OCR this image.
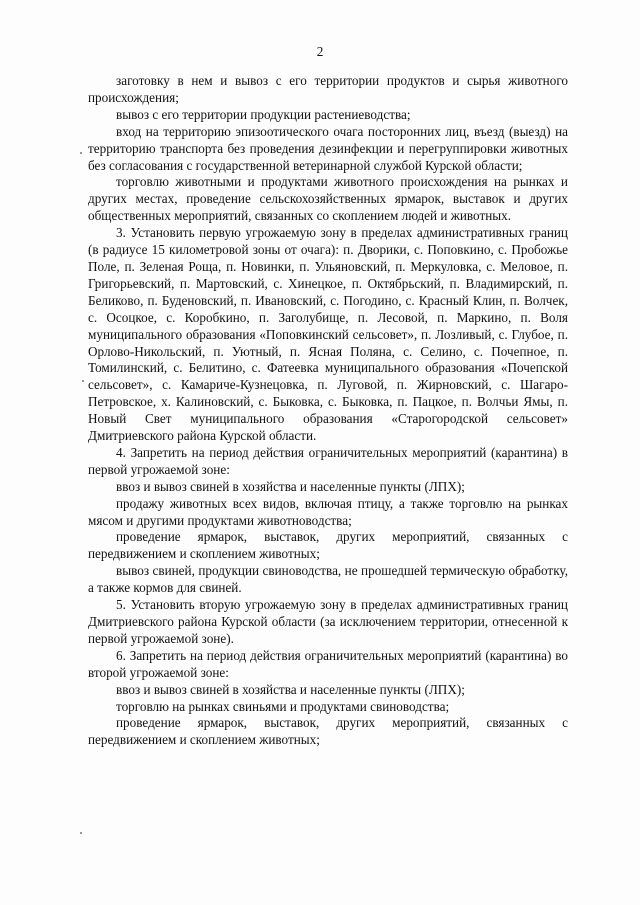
2

заготовку в нем и вывоз с его территории продуктов и сырья животного происхождения;

вывоз с его территории продукции растениеводства;

вход на территорию эпизоотического очага посторонних лиц, въезд (выезд) на территорию транспорта без проведения дезинфекции и перегруппировки животных без согласования с государственной ветеринарной службой Курской области;

торговлю животными и продуктами животного происхождения на рынках и других местах, проведение сельскохозяйственных ярмарок, выставок и других общественных мероприятий, связанных со скоплением людей и животных.

3. Установить первую угрожаемую зону в пределах административных границ (в радиусе 15 километровой зоны от очага): п. Дворики, с. Поповкино, с. Пробожье Поле, п. Зеленая Роща, п. Новинки, п. Ульяновский, п. Меркуловка, с. Меловое, п. Григорьевский, п. Мартовский, с. Хинецкое, п. Октябрьский, п. Владимирский, п. Беликово, п. Буденовский, п. Ивановский, с. Погодино, с. Красный Клин, п. Волчек, с. Осоцкое, с. Коробкино, п. Заголубище, п. Лесовой, п. Маркино, п. Воля муниципального образования «Поповкинский сельсовет», п. Лозливый, с. Глубое, п. Орлово-Никольский, п. Уютный, п. Ясная Поляна, с. Селино, с. Почепное, п. Томилинский, с. Белитино, с. Фатеевка муниципального образования «Почепской сельсовет», с. Камаричe-Кузнецовка, п. Луговой, п. Жирновский, с. Шагаро-Петровское, х. Калиновский, с. Быковка, с. Быковка, п. Пацкое, п. Волчьи Ямы, п. Новый Свет муниципального образования «Старогородской сельсовет» Дмитриевского района Курской области.

4. Запретить на период действия ограничительных мероприятий (карантина) в первой угрожаемой зоне:

ввоз и вывоз свиней в хозяйства и населенные пункты (ЛПХ);

продажу животных всех видов, включая птицу, а также торговлю на рынках мясом и другими продуктами животноводства;

проведение ярмарок, выставок, других мероприятий, связанных с передвижением и скоплением животных;

вывоз свиней, продукции свиноводства, не прошедшей термическую обработку, а также кормов для свиней.

5. Установить вторую угрожаемую зону в пределах административных границ Дмитриевского района Курской области (за исключением территории, отнесенной к первой угрожаемой зоне).

6. Запретить на период действия ограничительных мероприятий (карантина) во второй угрожаемой зоне:

ввоз и вывоз свиней в хозяйства и населенные пункты (ЛПХ);

торговлю на рынках свиньями и продуктами свиноводства;

проведение ярмарок, выставок, других мероприятий, связанных с передвижением и скоплением животных;
